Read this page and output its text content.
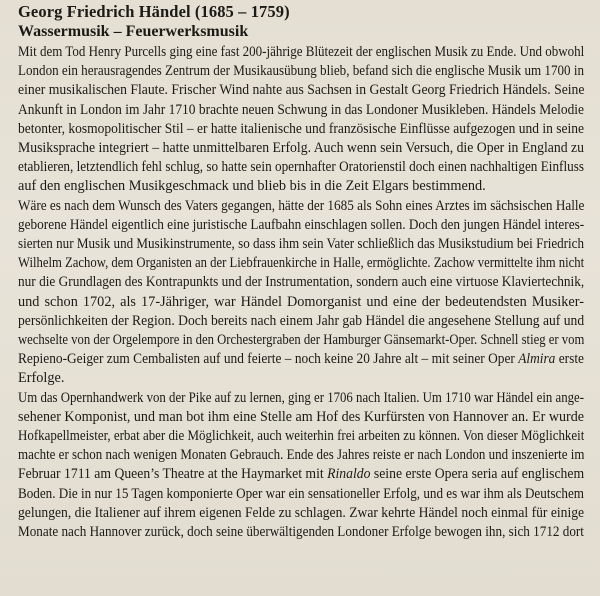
Georg Friedrich Händel (1685 – 1759)
Wassermusik – Feuerwerksmusik
Mit dem Tod Henry Purcells ging eine fast 200-jährige Blütezeit der englischen Musik zu Ende. Und obwohl
London ein herausragendes Zentrum der Musikausübung blieb, befand sich die englische Musik um 1700 in
einer musikalischen Flaute. Frischer Wind nahte aus Sachsen in Gestalt Georg Friedrich Händels. Seine
Ankunft in London im Jahr 1710 brachte neuen Schwung in das Londoner Musikleben. Händels Melodie
betonter, kosmopolitischer Stil – er hatte italienische und französische Einflüsse aufgezogen und in seine
Musiksprache integriert – hatte unmittelbaren Erfolg. Auch wenn sein Versuch, die Oper in England zu
etablieren, letztendlich fehl schlug, so hatte sein opernhafter Oratorienstil doch einen nachhaltigen Einfluss
auf den englischen Musikgeschmack und blieb bis in die Zeit Elgars bestimmend.
Wäre es nach dem Wunsch des Vaters gegangen, hätte der 1685 als Sohn eines Arztes im sächsischen Halle
geborene Händel eigentlich eine juristische Laufbahn einschlagen sollen. Doch den jungen Händel interes-
sierten nur Musik und Musikinstrumente, so dass ihm sein Vater schließlich das Musikstudium bei Friedrich
Wilhelm Zachow, dem Organisten an der Liebfrauenkirche in Halle, ermöglichte. Zachow vermittelte ihm nicht
nur die Grundlagen des Kontrapunkts und der Instrumentation, sondern auch eine virtuose Klaviertechnik,
und schon 1702, als 17-Jähriger, war Händel Domorganist und eine der bedeutendsten Musiker-
persönlichkeiten der Region. Doch bereits nach einem Jahr gab Händel die angesehene Stellung auf und
wechselte von der Orgelempore in den Orchestergraben der Hamburger Gänsemarkt-Oper. Schnell stieg er vom
Repieno-Geiger zum Cembalisten auf und feierte – noch keine 20 Jahre alt – mit seiner Oper Almira erste
Erfolge.
Um das Opernhandwerk von der Pike auf zu lernen, ging er 1706 nach Italien. Um 1710 war Händel ein ange-
sehener Komponist, und man bot ihm eine Stelle am Hof des Kurfürsten von Hannover an. Er wurde
Hofkapellmeister, erbat aber die Möglichkeit, auch weiterhin frei arbeiten zu können. Von dieser Möglichkeit
machte er schon nach wenigen Monaten Gebrauch. Ende des Jahres reiste er nach London und inszenierte im
Februar 1711 am Queen’s Theatre at the Haymarket mit Rinaldo seine erste Opera seria auf englischem
Boden. Die in nur 15 Tagen komponierte Oper war ein sensationeller Erfolg, und es war ihm als Deutschem
gelungen, die Italiener auf ihrem eigenen Felde zu schlagen. Zwar kehrte Händel noch einmal für einige
Monate nach Hannover zurück, doch seine überwältigenden Londoner Erfolge bewogen ihn, sich 1712 dort
